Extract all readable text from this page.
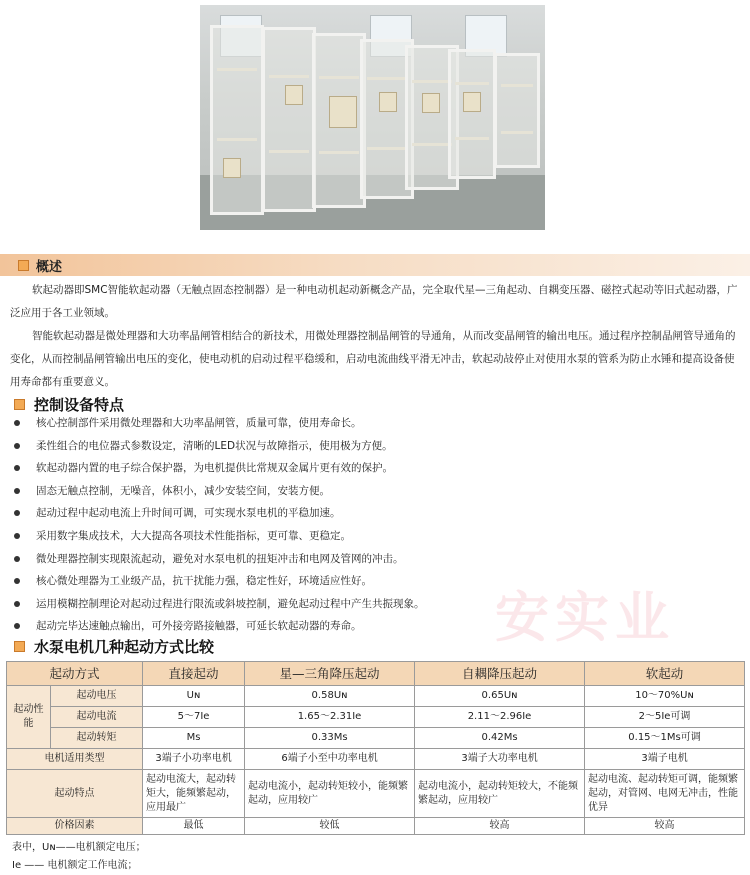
概述
软起动器即SMC智能软起动器（无触点固态控制器）是一种电动机起动新概念产品，完全取代星—三角起动、自耦变压器、磁控式起动等旧式起动器，广泛应用于各工业领域。
智能软起动器是微处理器和大功率晶闸管相结合的新技术，用微处理器控制晶闸管的导通角，从而改变晶闸管的输出电压。通过程序控制晶闸管导通角的变化，从而控制晶闸管输出电压的变化，使电动机的启动过程平稳缓和，启动电流曲线平滑无冲击，软起动敁停止对使用水泵的管系为防止水锤和提高设备使用寿命都有重要意义。
控制设备特点
核心控制部件采用微处理器和大功率晶闸管，质量可靠，使用寿命长。
柔性组合的电位器式参数设定，清晰的LED状况与故障指示，使用极为方便。
软起动器内置的电子综合保护器，为电机提供比常规双金属片更有效的保护。
固态无触点控制，无噪音，体积小，减少安装空间，安装方便。
起动过程中起动电流上升时间可调，可实现水泵电机的平稳加速。
采用数字集成技术，大大提高各项技术性能指标，更可靠、更稳定。
微处理器控制实现限流起动，避免对水泵电机的扭矩冲击和电网及管网的冲击。
核心微处理器为工业级产品，抗干扰能力强，稳定性好，环境适应性好。
运用模糊控制理论对起动过程进行限流或斜坡控制，避免起动过程中产生共振现象。
起动完毕达速触点输出，可外接旁路接触器，可延长软起动器的寿命。	安实业
水泵电机几种起动方式比较
起动方式		直接起动	星—三角降压起动	自耦降压起动	软起动
起动性能	起动电压	Uɴ	0.58Uɴ	0.65Uɴ	10～70%Uɴ
	起动电流	5～7Ie	1.65～2.31Ie	2.11～2.96Ie	2～5Ie可调
	起动转矩	Mѕ	0.33Mѕ	0.42Mѕ	0.15～1Mѕ可调
电机适用类型		3端子小功率电机	6端子小至中功率电机	3端子大功率电机	3端子电机
起动特点		起动电流大，起动转矩大，能频繁起动，应用最广	起动电流小，起动转矩较小，能频繁起动，应用较广	起动电流小，起动转矩较大，不能频繁起动，应用较广	起动电流、起动转矩可调，能频繁起动，对管网、电网无冲击，性能优异
价格因素		最低	较低	较高	较高
表中，Uɴ——电机额定电压；
Ie —— 电机额定工作电流；
